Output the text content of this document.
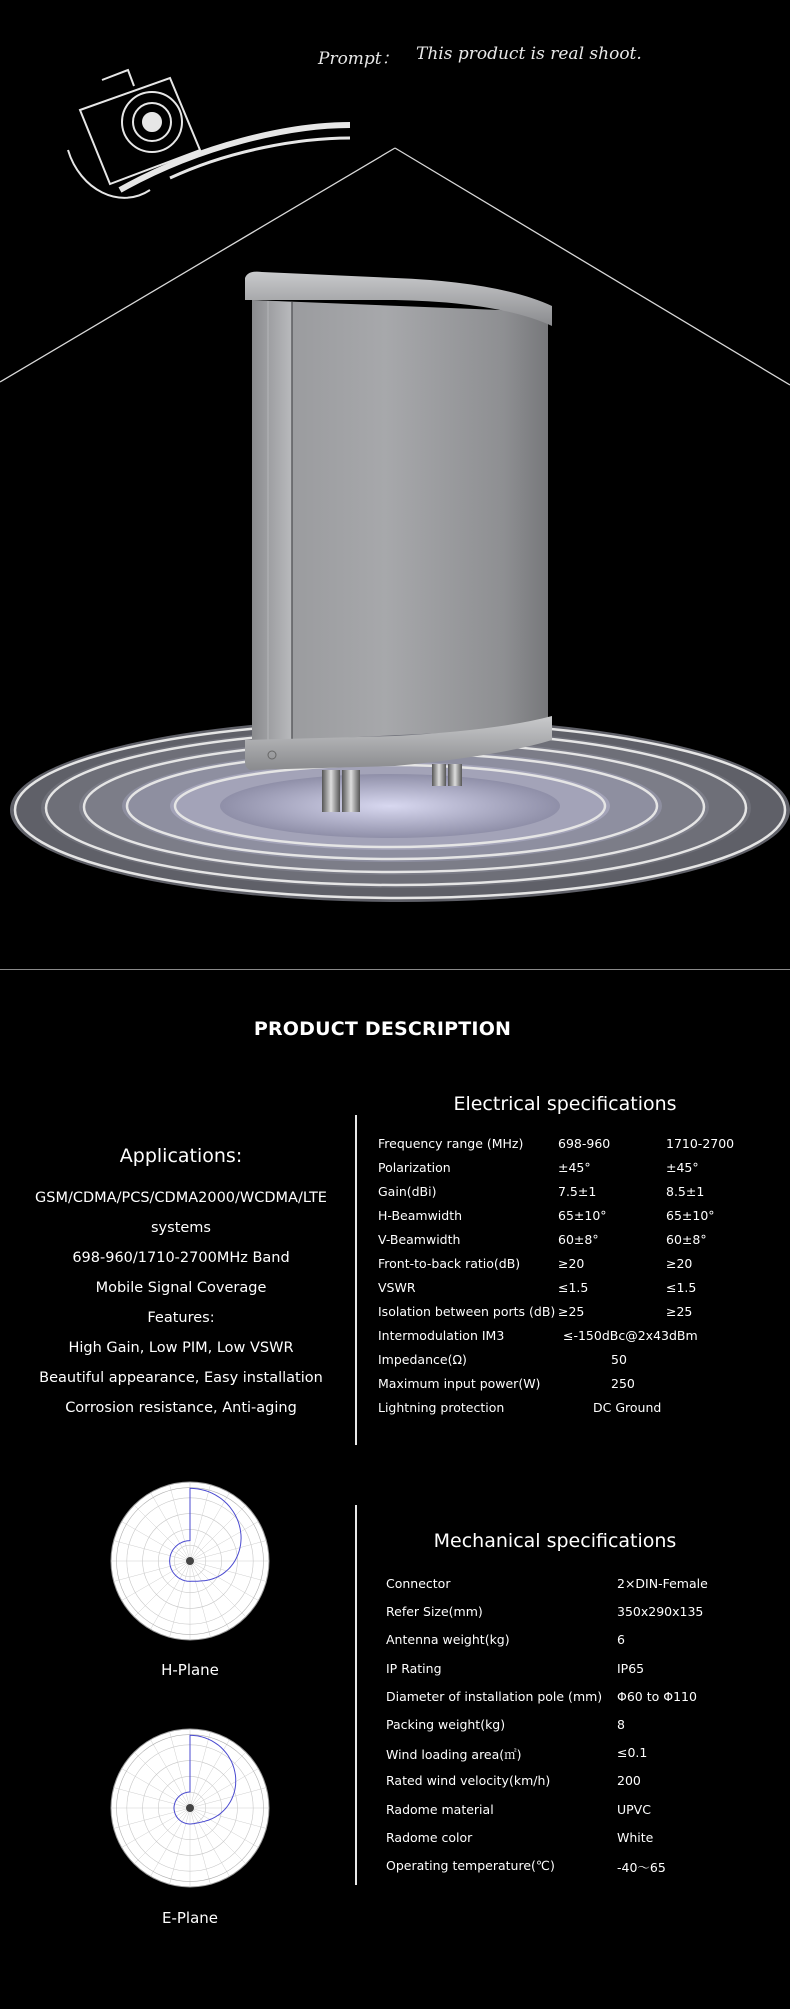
Prompt： This product is real shoot.
PRODUCT DESCRIPTION
Applications:
GSM/CDMA/PCS/CDMA2000/WCDMA/LTE
systems
698-960/1710-2700MHz Band
Mobile Signal Coverage
Features:
High Gain, Low PIM, Low VSWR
Beautiful appearance, Easy installation
Corrosion resistance, Anti-aging
Electrical specifications
Frequency range (MHz)	698-960	1710-2700
Polarization	±45°	±45°
Gain(dBi)	7.5±1	8.5±1
H-Beamwidth	65±10°	65±10°
V-Beamwidth	60±8°	60±8°
Front-to-back ratio(dB)	≥20	≥20
VSWR	≤1.5	≤1.5
Isolation between ports (dB) ≥25	≥25
Intermodulation IM3	≤-150dBc@2x43dBm
Impedance(Ω)	50
Maximum input power(W)	250
Lightning protection	DC Ground
Mechanical specifications
Connector	2×DIN-Female
Refer Size(mm)	350x290x135
Antenna weight(kg)	6
IP Rating	IP65
Diameter of installation pole (mm) Φ60 to Φ110
Packing weight(kg)	8
Wind loading area(㎡)	≤0.1
Rated wind velocity(km/h)	200
Radome material	UPVC
Radome color	White
Operating temperature(℃)	-40～65
H-Plane
E-Plane
